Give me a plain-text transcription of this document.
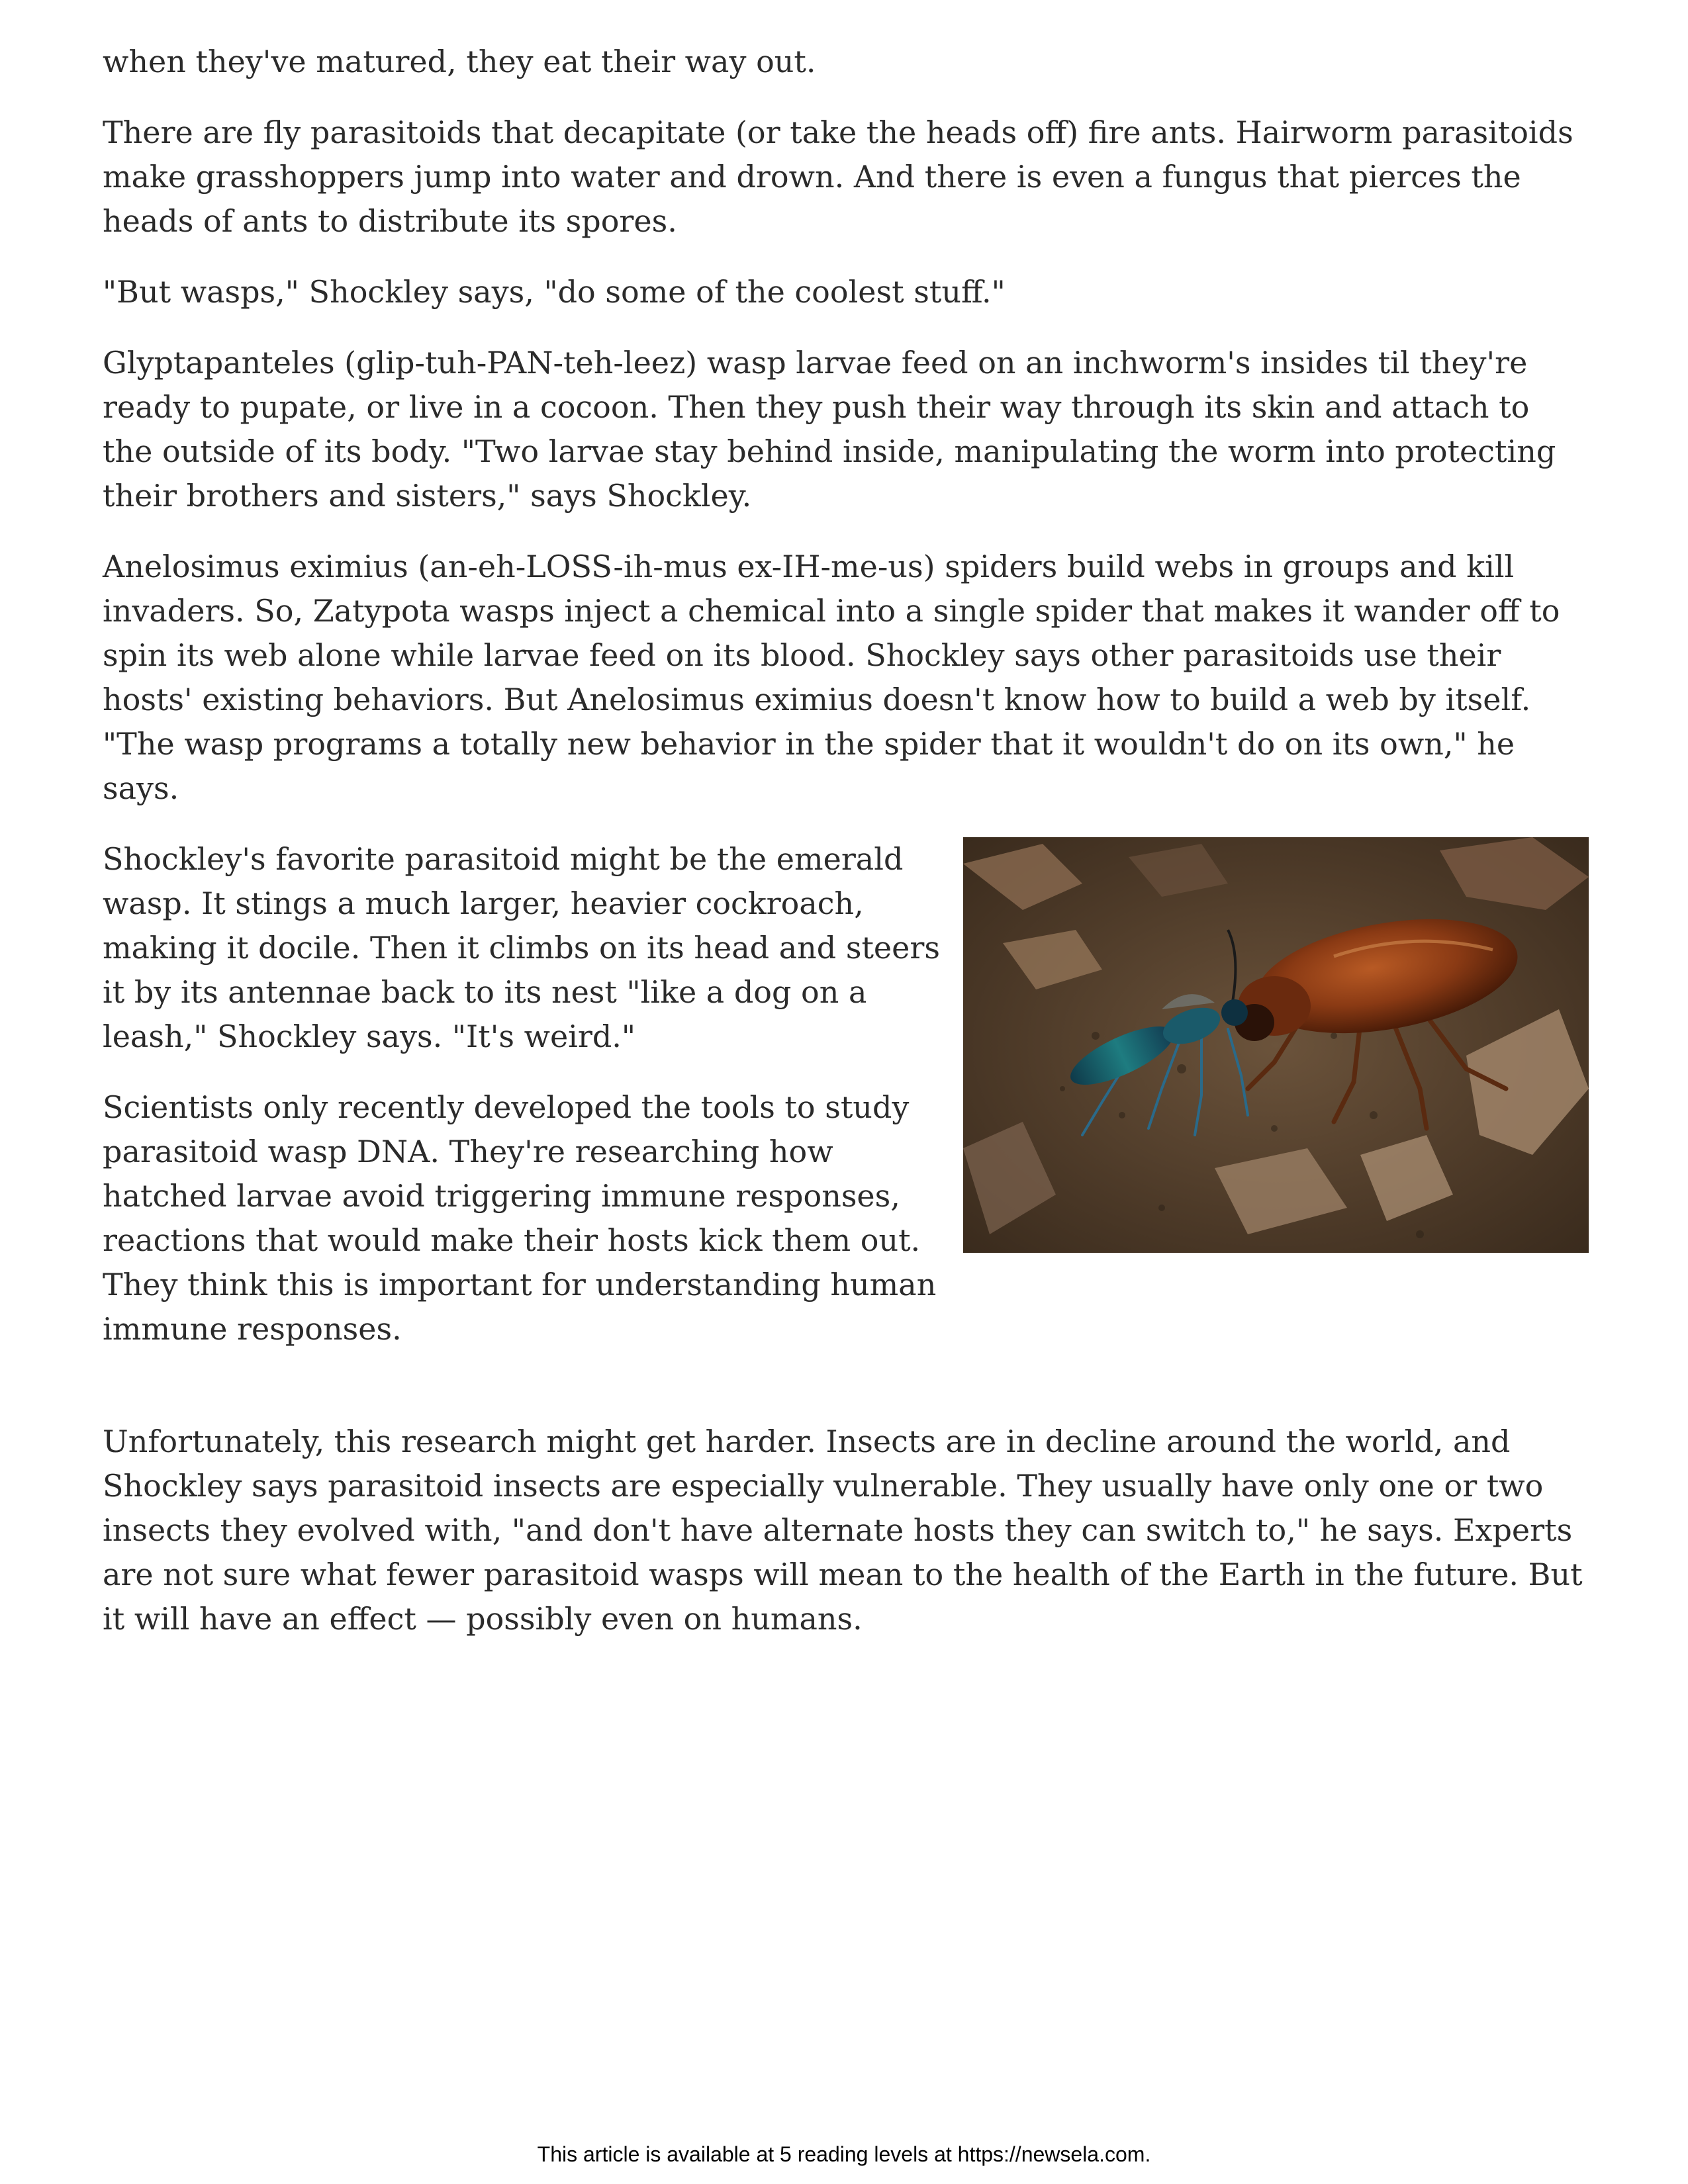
when they've matured, they eat their way out.

There are fly parasitoids that decapitate (or take the heads off) fire ants. Hairworm parasitoids make grasshoppers jump into water and drown. And there is even a fungus that pierces the heads of ants to distribute its spores.

"But wasps," Shockley says, "do some of the coolest stuff."

Glyptapanteles (glip-tuh-PAN-teh-leez) wasp larvae feed on an inchworm's insides til they're ready to pupate, or live in a cocoon. Then they push their way through its skin and attach to the outside of its body. "Two larvae stay behind inside, manipulating the worm into protecting their brothers and sisters," says Shockley.

Anelosimus eximius (an-eh-LOSS-ih-mus ex-IH-me-us) spiders build webs in groups and kill invaders. So, Zatypota wasps inject a chemical into a single spider that makes it wander off to spin its web alone while larvae feed on its blood. Shockley says other parasitoids use their hosts' existing behaviors. But Anelosimus eximius doesn't know how to build a web by itself. "The wasp programs a totally new behavior in the spider that it wouldn't do on its own," he says.

Shockley's favorite parasitoid might be the emerald wasp. It stings a much larger, heavier cockroach, making it docile. Then it climbs on its head and steers it by its antennae back to its nest "like a dog on a leash," Shockley says. "It's weird."

Scientists only recently developed the tools to study parasitoid wasp DNA. They're researching how hatched larvae avoid triggering immune responses, reactions that would make their hosts kick them out. They think this is important for understanding human immune responses.

Unfortunately, this research might get harder. Insects are in decline around the world, and Shockley says parasitoid insects are especially vulnerable. They usually have only one or two insects they evolved with, "and don't have alternate hosts they can switch to," he says. Experts are not sure what fewer parasitoid wasps will mean to the health of the Earth in the future. But it will have an effect — possibly even on humans.

This article is available at 5 reading levels at https://newsela.com.
